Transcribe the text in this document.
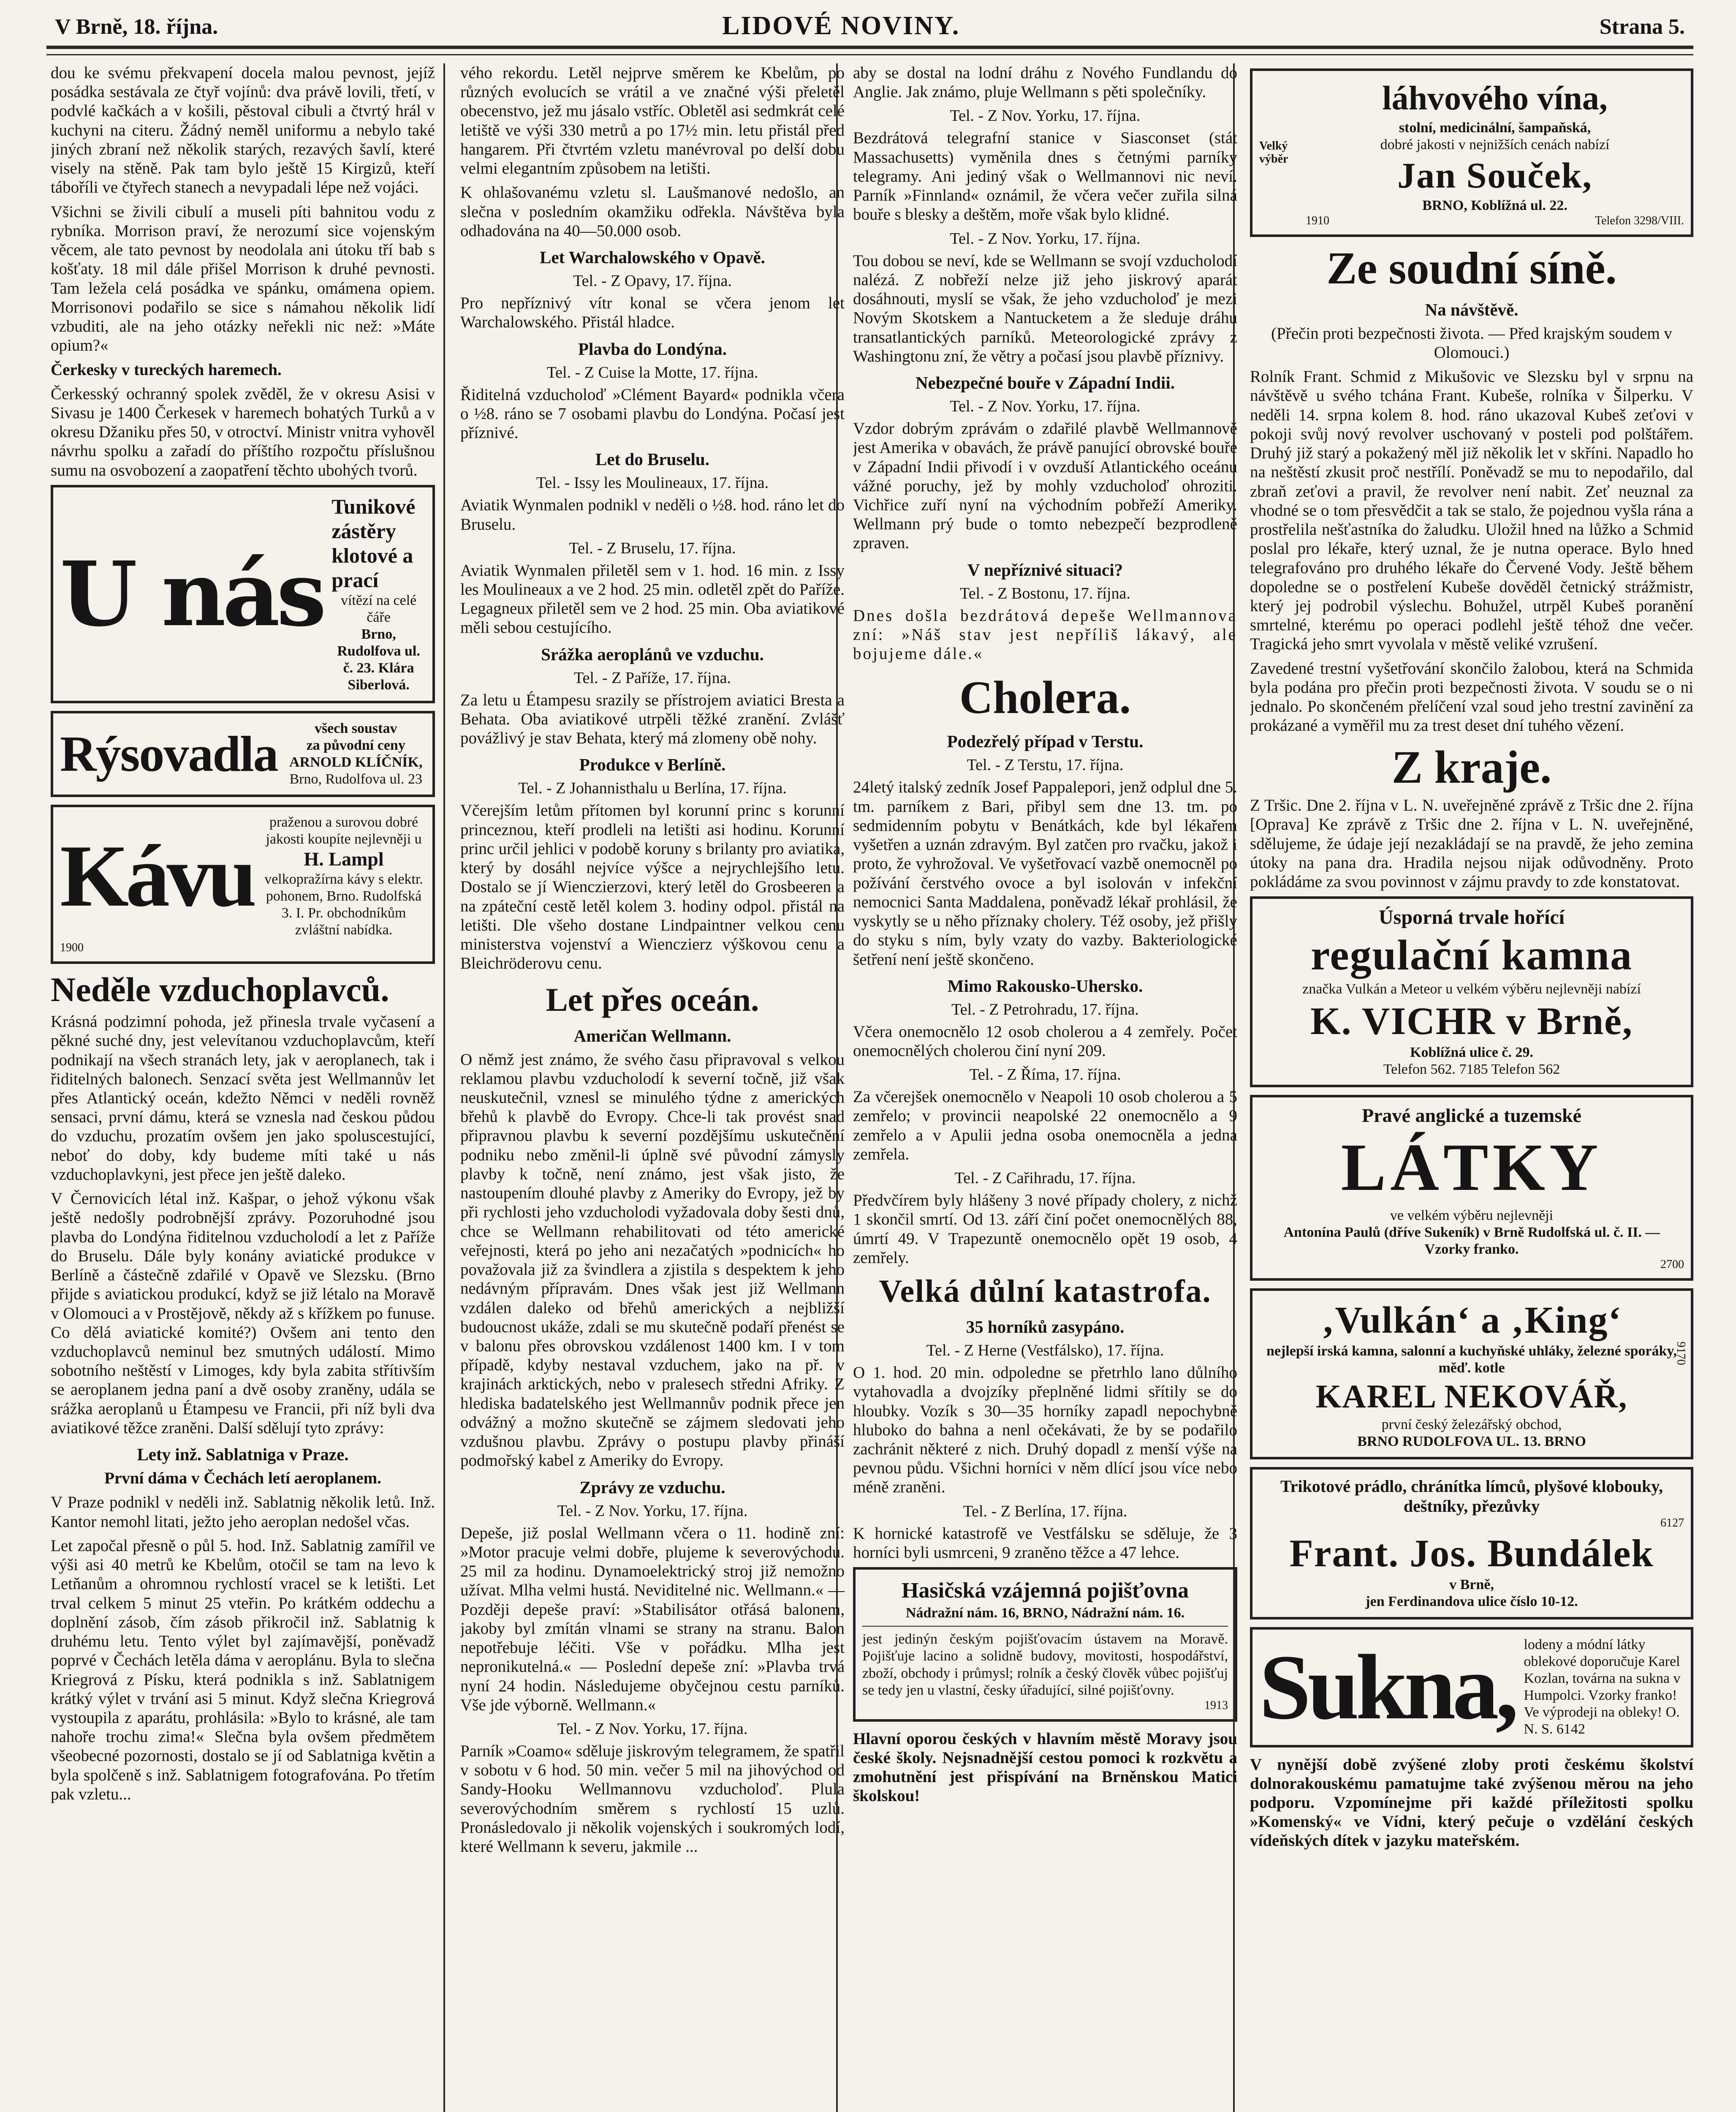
V Brně, 18. října.	LIDOVÉ NOVINY.	Strana 5.

dou ke svému překvapení docela malou pevnost, jejíž posádka sestávala ze čtyř vojínů: dva právě lovili, třetí, v podvlé kačkách a v košili, pěstoval cibuli a čtvrtý hrál v kuchyni na citeru. Žádný neměl uniformu a nebylo také jiných zbraní než několik starých, rezavých šavlí, které visely na stěně. Pak tam bylo ještě 15 Kirgizů, kteří táboříli ve čtyřech stanech a nevypadali lépe než vojáci.

Všichni se živili cibulí a museli píti bahnitou vodu z rybníka. Morrison praví, že nerozumí sice vojenským věcem, ale tato pevnost by neodolala ani útoku tří bab s košťaty. 18 mil dále přišel Morrison k druhé pevnosti. Tam ležela celá posádka ve spánku, omámena opiem. Morrisonovi podařilo se sice s námahou několik lidí vzbuditi, ale na jeho otázky neřekli nic než: »Máte opium?«

Čerkesky v tureckých haremech.

Čerkesský ochranný spolek zvěděl, že v okresu Asisi v Sivasu je 1400 Čerkesek v haremech bohatých Turků a v okresu Džaniku přes 50, v otroctví. Ministr vnitra vyhověl návrhu spolku a zařadí do příštího rozpočtu příslušnou sumu na osvobození a zaopatření těchto ubohých tvorů.

U nás
Tunikové zástěry klotové a prací
vítězí na celé čáře
Brno, Rudolfova ul. č. 23. Klára Siberlová.
Rýsovadla	všech soustav
za původní ceny
ARNOLD KLÍČNÍK,
Brno, Rudolfova ul. 23
Kávu
praženou a surovou dobré jakosti koupíte nejlevněji u
H. Lampl
velkopražírna kávy s elektr. pohonem, Brno. Rudolfská 3. I. Pr. obchodníkům zvláštní nabídka.
1900
Neděle vzduchoplavců.

Krásná podzimní pohoda, jež přinesla trvale vyčasení a pěkné suché dny, jest velevítanou vzduchoplavcům, kteří podnikají na všech stranách lety, jak v aeroplanech, tak i řiditelných balonech. Senzací světa jest Wellmannův let přes Atlantický oceán, kdežto Němci v neděli rovněž sensaci, první dámu, která se vznesla nad českou půdou do vzduchu, prozatím ovšem jen jako spoluscestující, neboť do doby, kdy budeme míti také u nás vzduchoplavkyni, jest přece jen ještě daleko.

V Černovicích létal inž. Kašpar, o jehož výkonu však ještě nedošly podrobnější zprávy. Pozoruhodné jsou plavba do Londýna řiditelnou vzducholodí a let z Paříže do Bruselu. Dále byly konány aviatické produkce v Berlíně a částečně zdařilé v Opavě ve Slezsku. (Brno přijde s aviatickou produkcí, když se již létalo na Moravě v Olomouci a v Prostějově, někdy až s křížkem po funuse. Co dělá aviatické komité?) Ovšem ani tento den vzduchoplavců neminul bez smutných událostí. Mimo sobotního neštěstí v Limoges, kdy byla zabita střítivším se aeroplanem jedna paní a dvě osoby zraněny, udála se srážka aeroplanů u Étampesu ve Francii, při níž byli dva aviatikové těžce zraněni. Další sdělují tyto zprávy:

Lety inž. Sablatniga v Praze.

První dáma v Čechách letí aeroplanem.

V Praze podnikl v neděli inž. Sablatnig několik letů. Inž. Kantor nemohl litati, ježto jeho aeroplan nedošel včas.

Let započal přesně o půl 5. hod. Inž. Sablatnig zamířil ve výši asi 40 metrů ke Kbelům, otočil se tam na levo k Letňanům a ohromnou rychlostí vracel se k letišti. Let trval celkem 5 minut 25 vteřin. Po krátkém oddechu a doplnění zásob, čím zásob přikročil inž. Sablatnig k druhému letu. Tento výlet byl zajímavější, poněvadž poprvé v Čechách letěla dáma v aeroplánu. Byla to slečna Kriegrová z Písku, která podnikla s inž. Sablatnigem krátký výlet v trvání asi 5 minut. Když slečna Kriegrová vystoupila z aparátu, prohlásila: »Bylo to krásné, ale tam nahoře trochu zima!« Slečna byla ovšem předmětem všeobecné pozornosti, dostalo se jí od Sablatniga květin a byla spolčeně s inž. Sablatnigem fotografována. Po třetím pak vzletu...

vého rekordu. Letěl nejprve směrem ke Kbelům, po různých evolucích se vrátil a ve značné výši přeletěl obecenstvo, jež mu jásalo vstříc. Obletěl asi sedmkrát celé letiště ve výši 330 metrů a po 17½ min. letu přistál před hangarem. Při čtvrtém vzletu manévroval po delší dobu velmi elegantním způsobem na letišti.

K ohlašovanému vzletu sl. Laušmanové nedošlo, an slečna v posledním okamžiku odřekla. Návštěva byla odhadována na 40—50.000 osob.

Let Warchalowského v Opavě.
Tel. - Z Opavy, 17. října.

Pro nepříznivý vítr konal se včera jenom let Warchalowského. Přistál hladce.

Plavba do Londýna.
Tel. - Z Cuise la Motte, 17. října.

Řiditelná vzducholoď »Clément Bayard« podnikla včera o ½8. ráno se 7 osobami plavbu do Londýna. Počasí jest příznivé.

Let do Bruselu.
Tel. - Issy les Moulineaux, 17. října.

Aviatik Wynmalen podnikl v neděli o ½8. hod. ráno let do Bruselu.

Tel. - Z Bruselu, 17. října.

Aviatik Wynmalen přiletěl sem v 1. hod. 16 min. z Issy les Moulineaux a ve 2 hod. 25 min. odletěl zpět do Paříže. Legagneux přiletěl sem ve 2 hod. 25 min. Oba aviatikové měli sebou cestujícího.

Srážka aeroplánů ve vzduchu.
Tel. - Z Paříže, 17. října.

Za letu u Étampesu srazily se přístrojem aviatici Bresta a Behata. Oba aviatikové utrpěli těžké zranění. Zvlášť povážlivý je stav Behata, který má zlomeny obě nohy.

Produkce v Berlíně.
Tel. - Z Johannisthalu u Berlína, 17. října.

Včerejším letům přítomen byl korunní princ s korunní princeznou, kteří prodleli na letišti asi hodinu. Korunní princ určil jehlici v podobě koruny s brilanty pro aviatika, který by dosáhl nejvíce výšce a nejrychlejšího letu. Dostalo se jí Wienczierzovi, který letěl do Grosbeeren a na zpáteční cestě letěl kolem 3. hodiny odpol. přistál na letišti. Dle všeho dostane Lindpaintner velkou cenu ministerstva vojenství a Wienczierz výškovou cenu a Bleichröderovu cenu.

Let přes oceán.
Američan Wellmann.

O němž jest známo, že svého času připravoval s velkou reklamou plavbu vzducholodí k severní točně, již však neuskutečnil, vznesl se minulého týdne z amerických břehů k plavbě do Evropy. Chce-li tak provést snad připravnou plavbu k severní pozdějšímu uskutečnění podniku nebo změnil-li úplně své původní zámysly plavby k točně, není známo, jest však jisto, že nastoupením dlouhé plavby z Ameriky do Evropy, jež by při rychlosti jeho vzducholodi vyžadovala doby šesti dnů, chce se Wellmann rehabilitovati od této americké veřejnosti, která po jeho ani nezačatých »podnicích« ho považovala již za švindlera a zjistila s despektem k jeho nedávným přípravám. Dnes však jest již Wellmann vzdálen daleko od břehů amerických a nejbližší budoucnost ukáže, zdali se mu skutečně podaří přenést se v balonu přes obrovskou vzdálenost 1400 km. I v tom případě, kdyby nestaval vzduchem, jako na př. v krajinách arktických, nebo v pralesech středni Afriky. Z hlediska badatelského jest Wellmannův podnik přece jen odvážný a možno skutečně se zájmem sledovati jeho vzdušnou plavbu. Zprávy o postupu plavby přináší podmořský kabel z Ameriky do Evropy.

Zprávy ze vzduchu.
Tel. - Z Nov. Yorku, 17. října.

Depeše, již poslal Wellmann včera o 11. hodině zní: »Motor pracuje velmi dobře, plujeme k severovýchodu. 25 mil za hodinu. Dynamoelektrický stroj již nemožno užívat. Mlha velmi hustá. Neviditelné nic. Wellmann.« — Později depeše praví: »Stabilisátor otřásá balonem, jakoby byl zmítán vlnami se strany na stranu. Balon nepotřebuje léčiti. Vše v pořádku. Mlha jest nepronikutelná.« — Poslední depeše zní: »Plavba trvá nyní 24 hodin. Následujeme obyčejnou cestu parníků. Vše jde výborně. Wellmann.«

Tel. - Z Nov. Yorku, 17. října.

Parník »Coamo« sděluje jiskrovým telegramem, že spatřil v sobotu v 6 hod. 50 min. večer 5 mil na jihovýchod od Sandy-Hooku Wellmannovu vzducholoď. Plula severovýchodním směrem s rychlostí 15 uzlů. Pronásledovalo ji několik vojenských i soukromých lodí, které Wellmann k severu, jakmile ...

aby se dostal na lodní dráhu z Nového Fundlandu do Anglie. Jak známo, pluje Wellmann s pěti společníky.

Tel. - Z Nov. Yorku, 17. října.

Bezdrátová telegrafní stanice v Siasconset (stát Massachusetts) vyměnila dnes s četnými parníky telegramy. Ani jediný však o Wellmannovi nic neví. Parník »Finnland« oznámil, že včera večer zuřila silná bouře s blesky a deštěm, moře však bylo klidné.

Tel. - Z Nov. Yorku, 17. října.

Tou dobou se neví, kde se Wellmann se svojí vzducholodí nalézá. Z nobřeží nelze již jeho jiskrový aparát dosáhnouti, myslí se však, že jeho vzducholoď je mezi Novým Skotskem a Nantucketem a že sleduje dráhu transatlantických parníků. Meteorologické zprávy z Washingtonu zní, že větry a počasí jsou plavbě příznivy.

Nebezpečné bouře v Západní Indii.
Tel. - Z Nov. Yorku, 17. října.

Vzdor dobrým zprávám o zdařilé plavbě Wellmannově jest Amerika v obavách, že právě panující obrovské bouře v Západní Indii přivodí i v ovzduší Atlantického oceánu vážné poruchy, jež by mohly vzducholoď ohroziti. Vichřice zuří nyní na východním pobřeží Ameriky. Wellmann prý bude o tomto nebezpečí bezprodleně zpraven.

V nepříznivé situaci?
Tel. - Z Bostonu, 17. října.

Dnes došla bezdrátová depeše Wellmannova zní: »Náš stav jest nepříliš lákavý, ale bojujeme dále.«

Cholera.
Podezřelý případ v Terstu.
Tel. - Z Terstu, 17. října.

24letý italský zedník Josef Pappalepori, jenž odplul dne 5. tm. parníkem z Bari, přibyl sem dne 13. tm. po sedmidenním pobytu v Benátkách, kde byl lékařem vyšetřen a uznán zdravým. Byl zatčen pro rvačku, jakož i proto, že vyhrožoval. Ve vyšetřovací vazbě onemocněl po požívání čerstvého ovoce a byl isolován v infekční nemocnici Santa Maddalena, poněvadž lékař prohlásil, že vyskytly se u něho příznaky cholery. Též osoby, jež přišly do styku s ním, byly vzaty do vazby. Bakteriologické šetření není ještě skončeno.

Mimo Rakousko-Uhersko.
Tel. - Z Petrohradu, 17. října.

Včera onemocnělo 12 osob cholerou a 4 zemřely. Počet onemocnělých cholerou činí nyní 209.

Tel. - Z Říma, 17. října.

Za včerejšek onemocnělo v Neapoli 10 osob cholerou a 5 zemřelo; v provincii neapolské 22 onemocnělo a 9 zemřelo a v Apulii jedna osoba onemocněla a jedna zemřela.

Tel. - Z Cařihradu, 17. října.

Předvčírem byly hlášeny 3 nové případy cholery, z nichž 1 skončil smrtí. Od 13. září činí počet onemocnělých 88, úmrtí 49. V Trapezuntě onemocnělo opět 19 osob, 4 zemřely.

Velká důlní katastrofa.
35 horníků zasypáno.
Tel. - Z Herne (Vestfálsko), 17. října.

O 1. hod. 20 min. odpoledne se přetrhlo lano důlního vytahovadla a dvojzíky přeplněné lidmi sřítily se do hloubky. Vozík s 30—35 horníky zapadl nepochybně hluboko do bahna a nenl očekávati, že by se podařilo zachránit některé z nich. Druhý dopadl z menší výše na pevnou půdu. Všichni horníci v něm dlící jsou více nebo méně zraněni.

Tel. - Z Berlína, 17. října.

K hornické katastrofě ve Vestfálsku se sděluje, že 3 horníci byli usmrceni, 9 zraněno těžce a 47 lehce.

Hasičská vzájemná pojišťovna
Nádražní nám. 16, BRNO, Nádražní nám. 16.
jest jedinýn českým pojišťovacím ústavem na Moravě. Pojišťuje lacino a solidně budovy, movitosti, hospodářství, zboží, obchody i průmysl; rolník a český člověk vůbec pojišťuj se tedy jen u vlastní, česky úřadující, silné pojišťovny.
1913

Hlavní oporou českých v hlavním městě Moravy jsou české školy. Nejsnadnější cestou pomoci k rozkvětu a zmohutnění jest přispívání na Brněnskou Matici školskou!

Velký výběr
láhvového vína,
stolní, medicinální, šampaňská,
dobré jakosti v nejnižších cenách nabízí
Jan Souček,
BRNO, Koblížná ul. 22.
1910	Telefon 3298/VIII.
Ze soudní síně.
Na návštěvě.

(Přečin proti bezpečnosti života. — Před krajským soudem v Olomouci.)

Rolník Frant. Schmid z Mikušovic ve Slezsku byl v srpnu na návštěvě u svého tchána Frant. Kubeše, rolníka v Šilperku. V neděli 14. srpna kolem 8. hod. ráno ukazoval Kubeš zeťovi v pokoji svůj nový revolver uschovaný v posteli pod polštářem. Druhý již starý a pokažený měl již několik let v skříni. Napadlo ho na neštěstí zkusit proč nestřílí. Poněvadž se mu to nepodařilo, dal zbraň zeťovi a pravil, že revolver není nabit. Zeť neuznal za vhodné se o tom přesvědčit a tak se stalo, že pojednou vyšla rána a prostřelila nešťastníka do žaludku. Uložil hned na lůžko a Schmid poslal pro lékaře, který uznal, že je nutna operace. Bylo hned telegrafováno pro druhého lékaře do Červené Vody. Ještě během dopoledne se o postřelení Kubeše dověděl četnický strážmistr, který jej podrobil výslechu. Bohužel, utrpěl Kubeš poranění smrtelné, kterému po operaci podlehl ještě téhož dne večer. Tragická jeho smrt vyvolala v městě veliké vzrušení.

Zavedené trestní vyšetřování skončilo žalobou, která na Schmida byla podána pro přečin proti bezpečnosti života. V soudu se o ni jednalo. Po skončeném přelíčení vzal soud jeho trestní zavinění za prokázané a vyměřil mu za trest deset dní tuhého vězení.

Z kraje.

Z Tršic. Dne 2. října v L. N. uveřejněné zprávě z Tršic dne 2. října [Oprava] Ke zprávě z Tršic dne 2. října v L. N. uveřejněné, sdělujeme, že údaje její nezakládají se na pravdě, že jeho zemina útoky na pana dra. Hradila nejsou nijak odůvodněny. Proto pokládáme za svou povinnost v zájmu pravdy to zde konstatovat.

Úsporná trvale hořící
regulační kamna
značka Vulkán a Meteor u velkém výběru nejlevněji nabízí
K. VICHR v Brně,
Koblížná ulice č. 29.
Telefon 562. 7185 Telefon 562
Pravé anglické a tuzemské
LÁTKY
ve velkém výběru nejlevněji
Antonína Paulů (dříve Sukeník) v Brně Rudolfská ul. č. II. — Vzorky franko.
2700
‚Vulkán‘ a ‚King‘
nejlepší irská kamna, salonní a kuchyňské uhláky, železné sporáky, měď. kotle
KAREL NEKOVÁŘ,
první český železářský obchod,
BRNO RUDOLFOVA UL. 13. BRNO
9170
Trikotové prádlo, chránítka límců, plyšové klobouky, deštníky, přezůvky
6127
Frant. Jos. Bundálek
v Brně,
jen Ferdinandova ulice číslo 10-12.
Sukna, lodeny a módní látky oblekové doporučuje Karel Kozlan, továrna na sukna v Humpolci. Vzorky franko! Ve výprodeji na obleky! O. N. S. 6142

V nynější době zvýšené zloby proti českému školství dolnorakouskému pamatujme také zvýšenou měrou na jeho podporu. Vzpomínejme při každé příležitosti spolku »Komenský« ve Vídni, který pečuje o vzdělání českých vídeňských dítek v jazyku mateřském.
